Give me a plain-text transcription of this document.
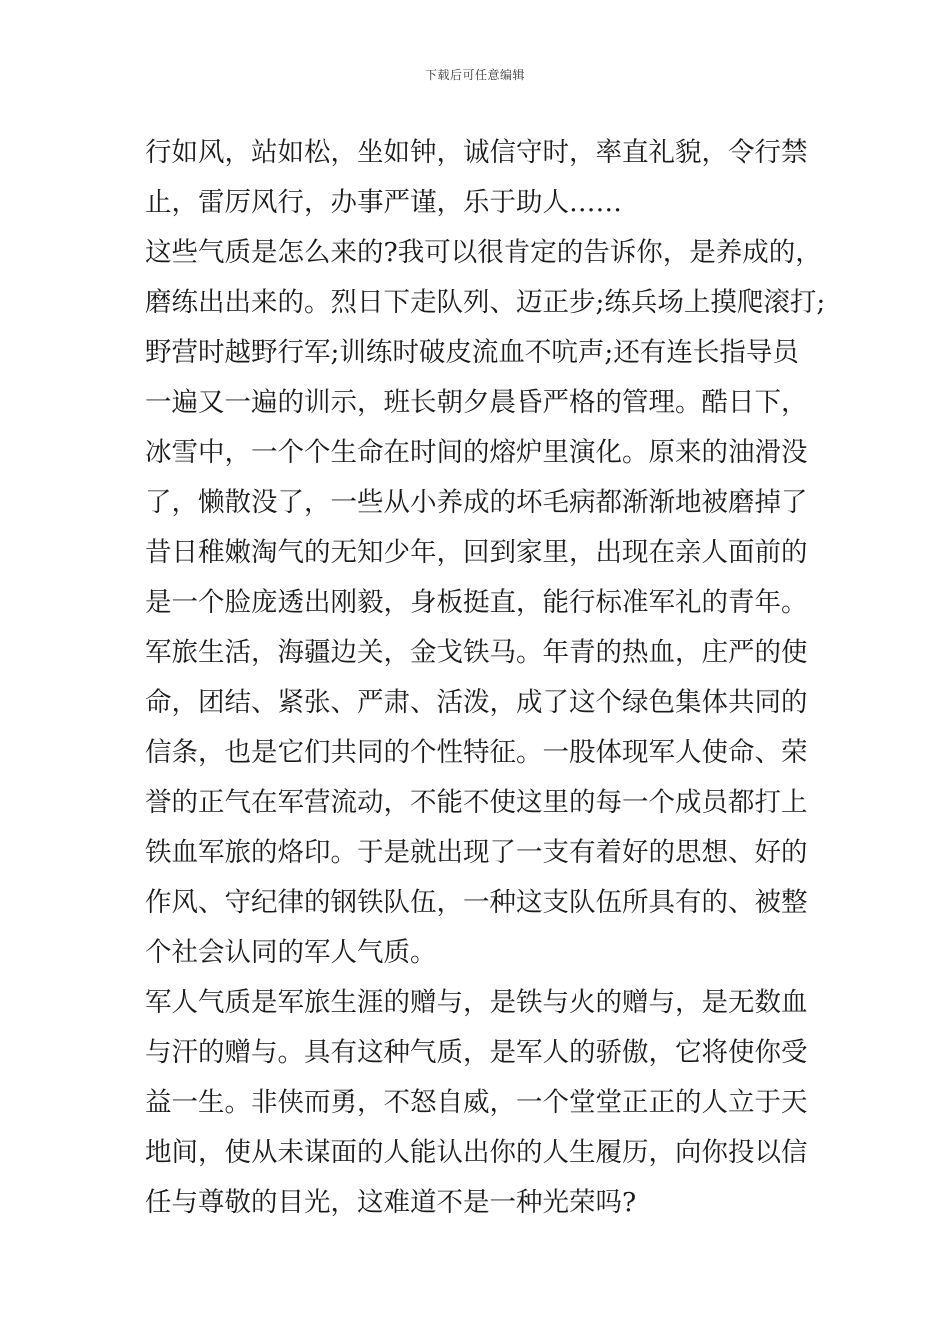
下载后可任意编辑
行如风，站如松，坐如钟，诚信守时，率直礼貌，令行禁
止，雷厉风行，办事严谨，乐于助人……
这些气质是怎么来的?我可以很肯定的告诉你，是养成的，
磨练出出来的。烈日下走队列、迈正步;练兵场上摸爬滚打;
野营时越野行军;训练时破皮流血不吭声;还有连长指导员
一遍又一遍的训示，班长朝夕晨昏严格的管理。酷日下，
冰雪中，一个个生命在时间的熔炉里演化。原来的油滑没
了，懒散没了，一些从小养成的坏毛病都渐渐地被磨掉了
昔日稚嫩淘气的无知少年，回到家里，出现在亲人面前的
是一个脸庞透出刚毅，身板挺直，能行标准军礼的青年。
军旅生活，海疆边关，金戈铁马。年青的热血，庄严的使
命，团结、紧张、严肃、活泼，成了这个绿色集体共同的
信条，也是它们共同的个性特征。一股体现军人使命、荣
誉的正气在军营流动，不能不使这里的每一个成员都打上
铁血军旅的烙印。于是就出现了一支有着好的思想、好的
作风、守纪律的钢铁队伍，一种这支队伍所具有的、被整
个社会认同的军人气质。
军人气质是军旅生涯的赠与，是铁与火的赠与，是无数血
与汗的赠与。具有这种气质，是军人的骄傲，它将使你受
益一生。非侠而勇，不怒自威，一个堂堂正正的人立于天
地间，使从未谋面的人能认出你的人生履历，向你投以信
任与尊敬的目光，这难道不是一种光荣吗?
